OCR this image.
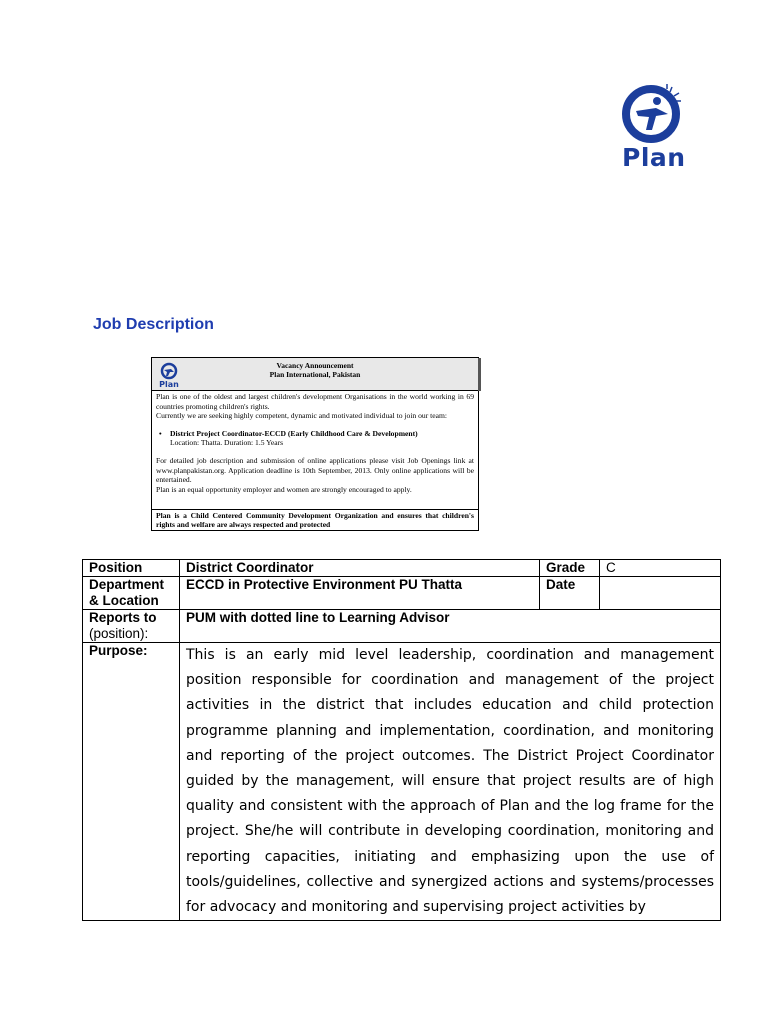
Plan
Job Description
Plan
Vacancy Announcement
Plan International, Pakistan

Plan is one of the oldest and largest children's development Organisations in the world working in 69 countries promoting children's rights.

Currently we are seeking highly competent, dynamic and motivated individual to join our team:

• District Project Coordinator-ECCD (Early Childhood Care & Development)

Location: Thatta. Duration: 1.5 Years

For detailed job description and submission of online applications please visit Job Openings link at www.planpakistan.org. Application deadline is 10th September, 2013. Only online applications will be entertained.

Plan is an equal opportunity employer and women are strongly encouraged to apply.

Plan is a Child Centered Community Development Organization and ensures that children's rights and welfare are always respected and protected
Position	District Coordinator	Grade	C
Department & Location	ECCD in Protective Environment PU Thatta	Date	
Reports to
(position):	PUM with dotted line to Learning Advisor		
Purpose:	This is an early mid level leadership, coordination and management position responsible for coordination and management of the project activities in the district that includes education and child protection programme planning and implementation, coordination, and monitoring and reporting of the project outcomes. The District Project Coordinator guided by the management, will ensure that project results are of high quality and consistent with the approach of Plan and the log frame for the project. She/he will contribute in developing coordination, monitoring and reporting capacities, initiating and emphasizing upon the use of tools/guidelines, collective and synergized actions and systems/processes for advocacy and monitoring and supervising project activities by		
